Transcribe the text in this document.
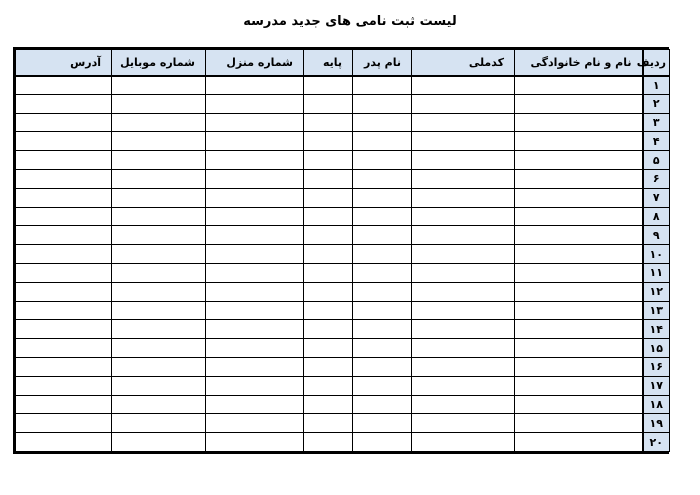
لیست ثبت نامی های جدید مدرسه
ردیف	نام و نام خانوادگی	کدملی	نام پدر	پایه	شماره منزل	شماره موبایل	آدرس
۱							
۲							
۳							
۴							
۵							
۶							
۷							
۸							
۹							
۱۰							
۱۱							
۱۲							
۱۳							
۱۴							
۱۵							
۱۶							
۱۷							
۱۸							
۱۹							
۲۰							
